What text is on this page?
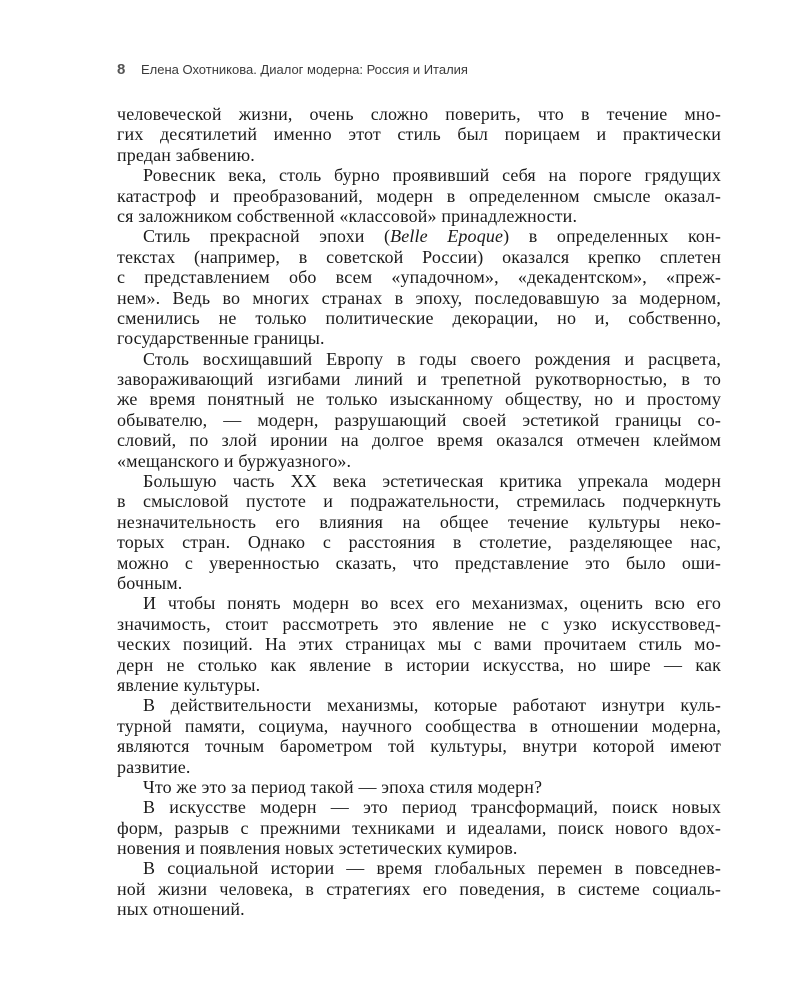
8 Елена Охотникова. Диалог модерна: Россия и Италия
человеческой жизни, очень сложно поверить, что в течение мно-
гих десятилетий именно этот стиль был порицаем и практически
предан забвению.
Ровесник века, столь бурно проявивший себя на пороге грядущих
катастроф и преобразований, модерн в определенном смысле оказал-
ся заложником собственной «классовой» принадлежности.
Стиль прекрасной эпохи (Belle Epoque) в определенных кон-
текстах (например, в советской России) оказался крепко сплетен
с представлением обо всем «упадочном», «декадентском», «преж-
нем». Ведь во многих странах в эпоху, последовавшую за модерном,
сменились не только политические декорации, но и, собственно,
государственные границы.
Столь восхищавший Европу в годы своего рождения и расцвета,
завораживающий изгибами линий и трепетной рукотворностью, в то
же время понятный не только изысканному обществу, но и простому
обывателю, — модерн, разрушающий своей эстетикой границы со-
словий, по злой иронии на долгое время оказался отмечен клеймом
«мещанского и буржуазного».
Большую часть XX века эстетическая критика упрекала модерн
в смысловой пустоте и подражательности, стремилась подчеркнуть
незначительность его влияния на общее течение культуры неко-
торых стран. Однако с расстояния в столетие, разделяющее нас,
можно с уверенностью сказать, что представление это было оши-
бочным.
И чтобы понять модерн во всех его механизмах, оценить всю его
значимость, стоит рассмотреть это явление не с узко искусствовед-
ческих позиций. На этих страницах мы с вами прочитаем стиль мо-
дерн не столько как явление в истории искусства, но шире — как
явление культуры.
В действительности механизмы, которые работают изнутри куль-
турной памяти, социума, научного сообщества в отношении модерна,
являются точным барометром той культуры, внутри которой имеют
развитие.
Что же это за период такой — эпоха стиля модерн?
В искусстве модерн — это период трансформаций, поиск новых
форм, разрыв с прежними техниками и идеалами, поиск нового вдох-
новения и появления новых эстетических кумиров.
В социальной истории — время глобальных перемен в повседнев-
ной жизни человека, в стратегиях его поведения, в системе социаль-
ных отношений.
